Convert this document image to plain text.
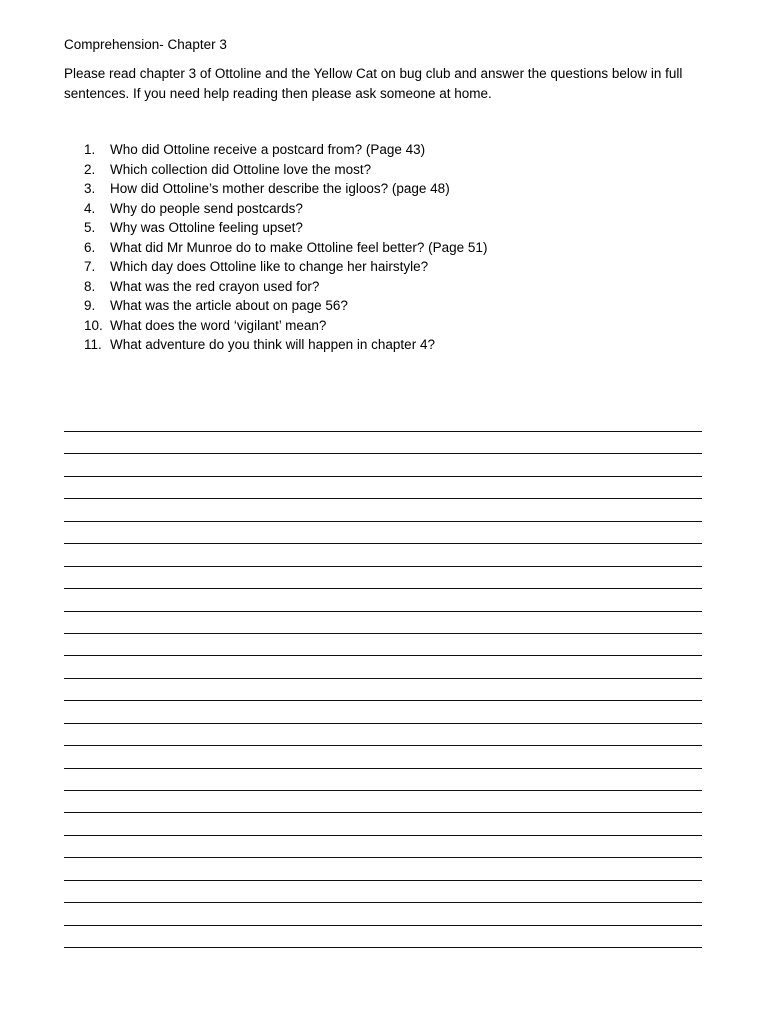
Comprehension- Chapter 3
Please read chapter 3 of Ottoline and the Yellow Cat on bug club and answer the questions below in full sentences. If you need help reading then please ask someone at home.
1. Who did Ottoline receive a postcard from? (Page 43)
2. Which collection did Ottoline love the most?
3. How did Ottoline’s mother describe the igloos? (page 48)
4. Why do people send postcards?
5. Why was Ottoline feeling upset?
6. What did Mr Munroe do to make Ottoline feel better? (Page 51)
7. Which day does Ottoline like to change her hairstyle?
8. What was the red crayon used for?
9. What was the article about on page 56?
10. What does the word ‘vigilant’ mean?
11. What adventure do you think will happen in chapter 4?
